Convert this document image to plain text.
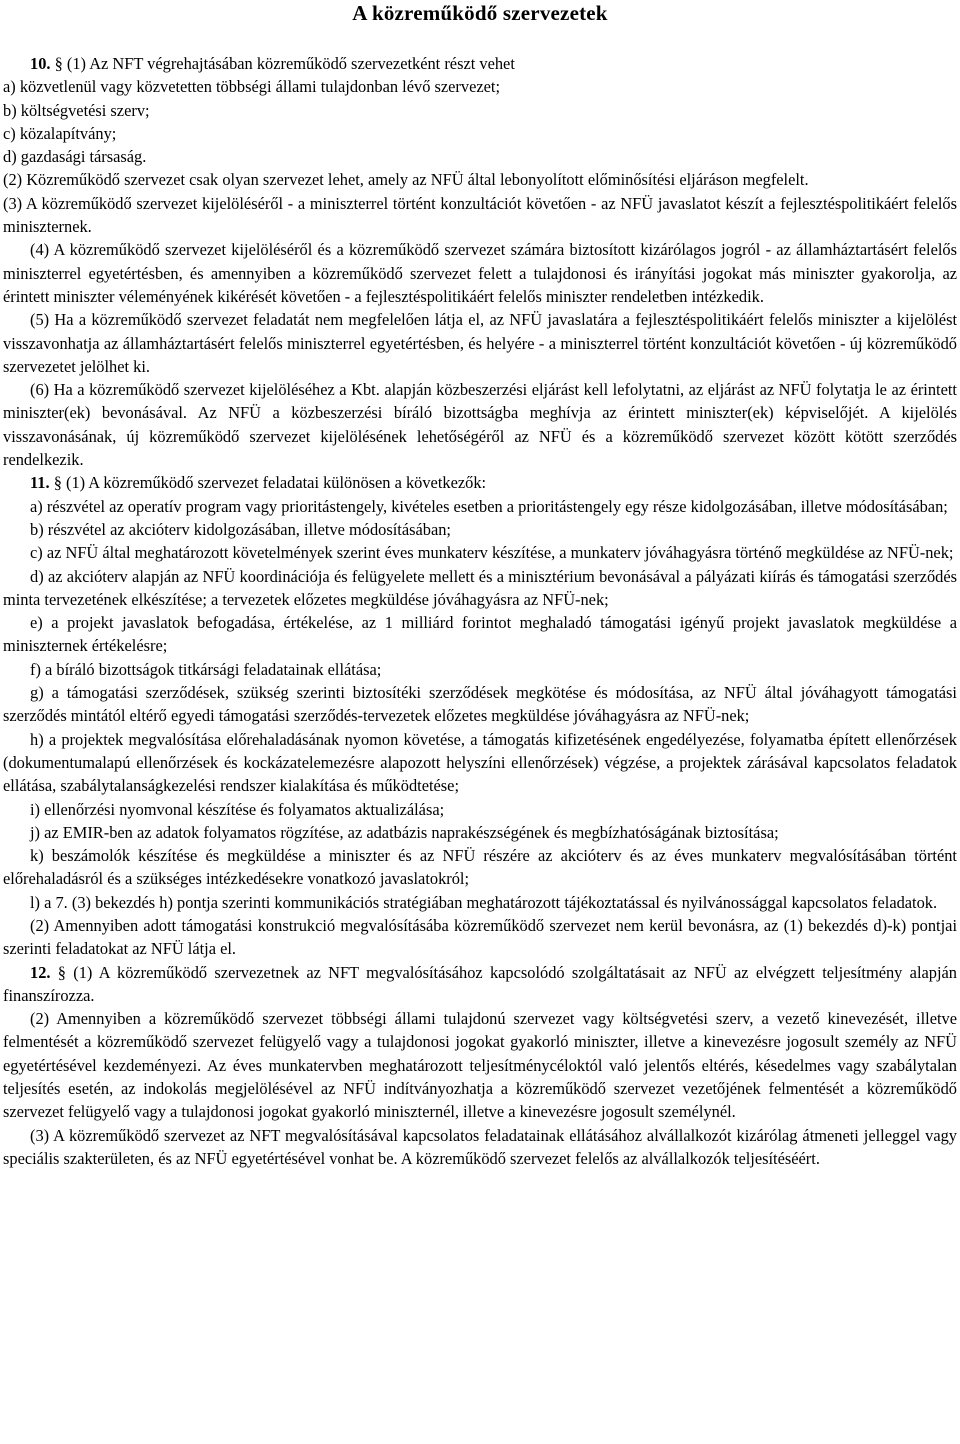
A közreműködő szervezetek

10. § (1) Az NFT végrehajtásában közreműködő szervezetként részt vehet

a) közvetlenül vagy közvetetten többségi állami tulajdonban lévő szervezet;

b) költségvetési szerv;

c) közalapítvány;

d) gazdasági társaság.

(2) Közreműködő szervezet csak olyan szervezet lehet, amely az NFÜ által lebonyolított előminősítési eljáráson megfelelt.

(3) A közreműködő szervezet kijelöléséről - a miniszterrel történt konzultációt követően - az NFÜ javaslatot készít a fejlesztéspolitikáért felelős miniszternek.

(4) A közreműködő szervezet kijelöléséről és a közreműködő szervezet számára biztosított kizárólagos jogról - az államháztartásért felelős miniszterrel egyetértésben, és amennyiben a közreműködő szervezet felett a tulajdonosi és irányítási jogokat más miniszter gyakorolja, az érintett miniszter véleményének kikérését követően - a fejlesztéspolitikáért felelős miniszter rendeletben intézkedik.

(5) Ha a közreműködő szervezet feladatát nem megfelelően látja el, az NFÜ javaslatára a fejlesztéspolitikáért felelős miniszter a kijelölést visszavonhatja az államháztartásért felelős miniszterrel egyetértésben, és helyére - a miniszterrel történt konzultációt követően - új közreműködő szervezetet jelölhet ki.

(6) Ha a közreműködő szervezet kijelöléséhez a Kbt. alapján közbeszerzési eljárást kell lefolytatni, az eljárást az NFÜ folytatja le az érintett miniszter(ek) bevonásával. Az NFÜ a közbeszerzési bíráló bizottságba meghívja az érintett miniszter(ek) képviselőjét. A kijelölés visszavonásának, új közreműködő szervezet kijelölésének lehetőségéről az NFÜ és a közreműködő szervezet között kötött szerződés rendelkezik.

11. § (1) A közreműködő szervezet feladatai különösen a következők:

a) részvétel az operatív program vagy prioritástengely, kivételes esetben a prioritástengely egy része kidolgozásában, illetve módosításában;

b) részvétel az akcióterv kidolgozásában, illetve módosításában;

c) az NFÜ által meghatározott követelmények szerint éves munkaterv készítése, a munkaterv jóváhagyásra történő megküldése az NFÜ-nek;

d) az akcióterv alapján az NFÜ koordinációja és felügyelete mellett és a minisztérium bevonásával a pályázati kiírás és támogatási szerződés minta tervezetének elkészítése; a tervezetek előzetes megküldése jóváhagyásra az NFÜ-nek;

e) a projekt javaslatok befogadása, értékelése, az 1 milliárd forintot meghaladó támogatási igényű projekt javaslatok megküldése a miniszternek értékelésre;

f) a bíráló bizottságok titkársági feladatainak ellátása;

g) a támogatási szerződések, szükség szerinti biztosítéki szerződések megkötése és módosítása, az NFÜ által jóváhagyott támogatási szerződés mintától eltérő egyedi támogatási szerződés-tervezetek előzetes megküldése jóváhagyásra az NFÜ-nek;

h) a projektek megvalósítása előrehaladásának nyomon követése, a támogatás kifizetésének engedélyezése, folyamatba épített ellenőrzések (dokumentumalapú ellenőrzések és kockázatelemezésre alapozott helyszíni ellenőrzések) végzése, a projektek zárásával kapcsolatos feladatok ellátása, szabálytalanságkezelési rendszer kialakítása és működtetése;

i) ellenőrzési nyomvonal készítése és folyamatos aktualizálása;

j) az EMIR-ben az adatok folyamatos rögzítése, az adatbázis naprakészségének és megbízhatóságának biztosítása;

k) beszámolók készítése és megküldése a miniszter és az NFÜ részére az akcióterv és az éves munkaterv megvalósításában történt előrehaladásról és a szükséges intézkedésekre vonatkozó javaslatokról;

l) a 7. (3) bekezdés h) pontja szerinti kommunikációs stratégiában meghatározott tájékoztatással és nyilvánossággal kapcsolatos feladatok.

(2) Amennyiben adott támogatási konstrukció megvalósításába közreműködő szervezet nem kerül bevonásra, az (1) bekezdés d)-k) pontjai szerinti feladatokat az NFÜ látja el.

12. § (1) A közreműködő szervezetnek az NFT megvalósításához kapcsolódó szolgáltatásait az NFÜ az elvégzett teljesítmény alapján finanszírozza.

(2) Amennyiben a közreműködő szervezet többségi állami tulajdonú szervezet vagy költségvetési szerv, a vezető kinevezését, illetve felmentését a közreműködő szervezet felügyelő vagy a tulajdonosi jogokat gyakorló miniszter, illetve a kinevezésre jogosult személy az NFÜ egyetértésével kezdeményezi. Az éves munkatervben meghatározott teljesítménycéloktól való jelentős eltérés, késedelmes vagy szabálytalan teljesítés esetén, az indokolás megjelölésével az NFÜ indítványozhatja a közreműködő szervezet vezetőjének felmentését a közreműködő szervezet felügyelő vagy a tulajdonosi jogokat gyakorló miniszternél, illetve a kinevezésre jogosult személynél.

(3) A közreműködő szervezet az NFT megvalósításával kapcsolatos feladatainak ellátásához alvállalkozót kizárólag átmeneti jelleggel vagy speciális szakterületen, és az NFÜ egyetértésével vonhat be. A közreműködő szervezet felelős az alvállalkozók teljesítéséért.
